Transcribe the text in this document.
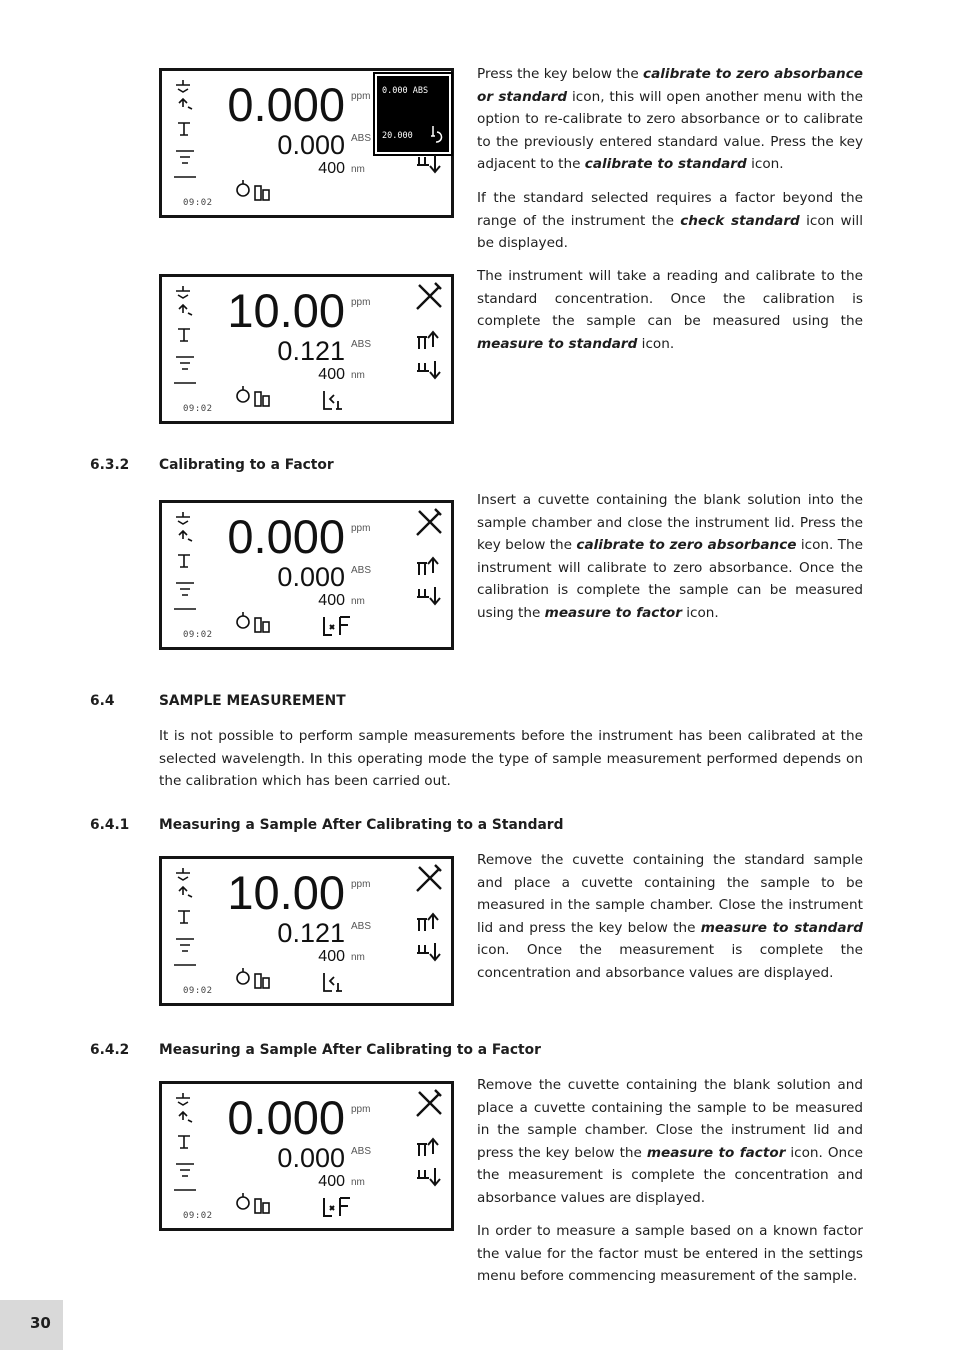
0.000 ppm
0.000 ABS
400 nm
09:02
0.000 ABS
20.000
10.00 ppm
0.121 ABS
400 nm
09:02
0.000 ppm
0.000 ABS
400 nm
09:02
10.00 ppm
0.121 ABS
400 nm
09:02
0.000 ppm
0.000 ABS
400 nm
09:02

Press the key below the calibrate to zero absorbance or standard icon, this will open another menu with the option to re-calibrate to zero absorbance or to calibrate to the previously entered standard value. Press the key adjacent to the calibrate to standard icon.

If the standard selected requires a factor beyond the range of the instrument the check standard icon will be displayed.

The instrument will take a reading and calibrate to the standard concentration. Once the calibration is complete the sample can be measured using the measure to standard icon.

6.3.2 Calibrating to a Factor

Insert a cuvette containing the blank solution into the sample chamber and close the instrument lid. Press the key below the calibrate to zero absorbance icon. The instrument will calibrate to zero absorbance. Once the calibration is complete the sample can be measured using the measure to factor icon.

6.4	SAMPLE MEASUREMENT

It is not possible to perform sample measurements before the instrument has been calibrated at the selected wavelength. In this operating mode the type of sample measurement performed depends on the calibration which has been carried out.

6.4.1 Measuring a Sample After Calibrating to a Standard

Remove the cuvette containing the standard sample and place a cuvette containing the sample to be measured in the sample chamber. Close the instrument lid and press the key below the measure to standard icon. Once the measurement is complete the concentration and absorbance values are displayed.

6.4.2 Measuring a Sample After Calibrating to a Factor

Remove the cuvette containing the blank solution and place a cuvette containing the sample to be measured in the sample chamber. Close the instrument lid and press the key below the measure to factor icon. Once the measurement is complete the concentration and absorbance values are displayed.

In order to measure a sample based on a known factor the value for the factor must be entered in the settings menu before commencing measurement of the sample.

30
